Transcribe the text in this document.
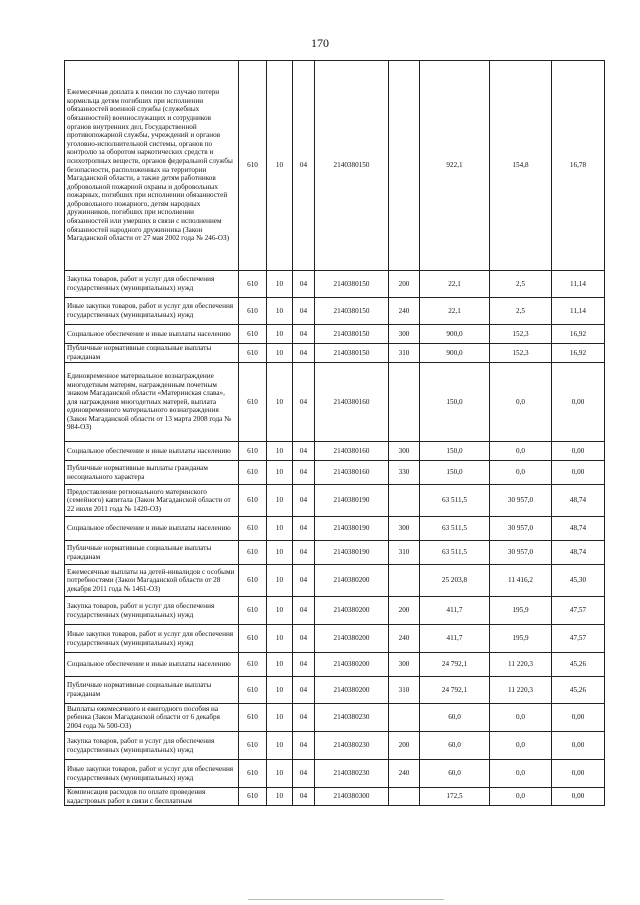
170
Ежемесячная доплата к пенсии по случаю потери кормильца детям погибших при исполнении обязанностей военной службы (служебных обязанностей) военнослужащих и сотрудников органов внутренних дел, Государственной противопожарной службы, учреждений и органов уголовно-исполнительной системы, органов по контролю за оборотом наркотических средств и психотропных веществ, органов федеральной службы безопасности, расположенных на территории Магаданской области, а также детям работников добровольной пожарной охраны и добровольных пожарных, погибших при исполнении обязанностей добровольного пожарного, детям народных дружинников, погибших при исполнении обязанностей или умерших в связи с исполнением обязанностей народного дружинника (Закон Магаданской области от 27 мая 2002 года № 246-ОЗ)	610	10	04	2140380150		922,1	154,8	16,78
Закупка товаров, работ и услуг для обеспечения государственных (муниципальных) нужд	610	10	04	2140380150	200	22,1	2,5	11,14
Иные закупки товаров, работ и услуг для обеспечения государственных (муниципальных) нужд	610	10	04	2140380150	240	22,1	2,5	11,14
Социальное обеспечение и иные выплаты населению	610	10	04	2140380150	300	900,0	152,3	16,92
Публичные нормативные социальные выплаты гражданам	610	10	04	2140380150	310	900,0	152,3	16,92
Единовременное материальное вознаграждение многодетным матерям, награжденным почетным знаком Магаданской области «Материнская слава», для награждения многодетных матерей, выплата единовременного материального вознаграждения (Закон Магаданской области от 13 марта 2008 года № 984-ОЗ)	610	10	04	2140380160		150,0	0,0	0,00
Социальное обеспечение и иные выплаты населению	610	10	04	2140380160	300	150,0	0,0	0,00
Публичные нормативные выплаты гражданам несоциального характера	610	10	04	2140380160	330	150,0	0,0	0,00
Предоставление регионального материнского (семейного) капитала (Закон Магаданской области от 22 июля 2011 года № 1420-ОЗ)	610	10	04	2140380190		63 511,5	30 957,0	48,74
Социальное обеспечение и иные выплаты населению	610	10	04	2140380190	300	63 511,5	30 957,0	48,74
Публичные нормативные социальные выплаты гражданам	610	10	04	2140380190	310	63 511,5	30 957,0	48,74
Ежемесячные выплаты на детей-инвалидов с особыми потребностями (Закон Магаданской области от 28 декабря 2011 года № 1461-ОЗ)	610	10	04	2140380200		25 203,8	11 416,2	45,30
Закупка товаров, работ и услуг для обеспечения государственных (муниципальных) нужд	610	10	04	2140380200	200	411,7	195,9	47,57
Иные закупки товаров, работ и услуг для обеспечения государственных (муниципальных) нужд	610	10	04	2140380200	240	411,7	195,9	47,57
Социальное обеспечение и иные выплаты населению	610	10	04	2140380200	300	24 792,1	11 220,3	45,26
Публичные нормативные социальные выплаты гражданам	610	10	04	2140380200	310	24 792,1	11 220,3	45,26
Выплаты ежемесячного и ежегодного пособия на ребенка (Закон Магаданской области от 6 декабря 2004 года № 500-ОЗ)	610	10	04	2140380230		60,0	0,0	0,00
Закупка товаров, работ и услуг для обеспечения государственных (муниципальных) нужд	610	10	04	2140380230	200	60,0	0,0	0,00
Иные закупки товаров, работ и услуг для обеспечения государственных (муниципальных) нужд	610	10	04	2140380230	240	60,0	0,0	0,00
Компенсация расходов по оплате проведения кадастровых работ в связи с бесплатным	610	10	04	2140380300		172,5	0,0	0,00
